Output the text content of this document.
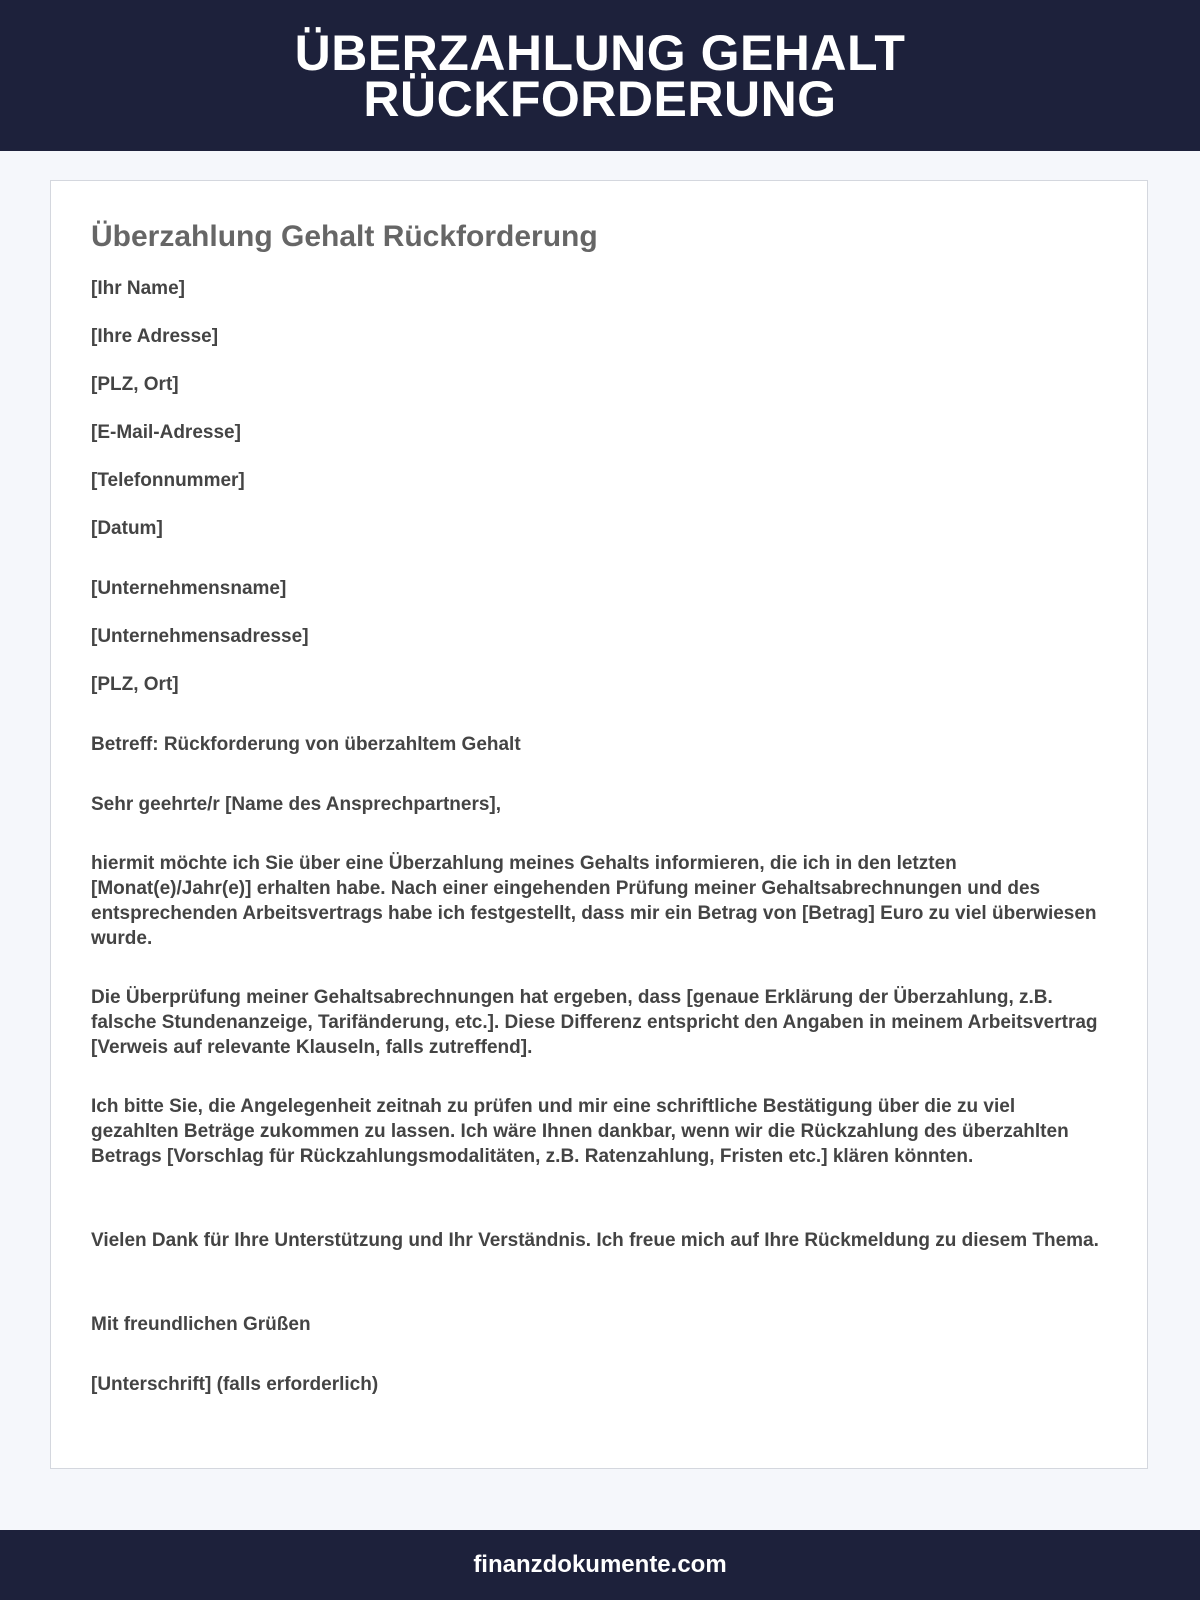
ÜBERZAHLUNG GEHALT
RÜCKFORDERUNG
Überzahlung Gehalt Rückforderung

[Ihr Name]

[Ihre Adresse]

[PLZ, Ort]

[E-Mail-Adresse]

[Telefonnummer]

[Datum]

[Unternehmensname]

[Unternehmensadresse]

[PLZ, Ort]

Betreff: Rückforderung von überzahltem Gehalt

Sehr geehrte/r [Name des Ansprechpartners],

hiermit möchte ich Sie über eine Überzahlung meines Gehalts informieren, die ich in den letzten [Monat(e)/Jahr(e)] erhalten habe. Nach einer eingehenden Prüfung meiner Gehaltsabrechnungen und des entsprechenden Arbeitsvertrags habe ich festgestellt, dass mir ein Betrag von [Betrag] Euro zu viel überwiesen wurde.

Die Überprüfung meiner Gehaltsabrechnungen hat ergeben, dass [genaue Erklärung der Überzahlung, z.B. falsche Stundenanzeige, Tarifänderung, etc.]. Diese Differenz entspricht den Angaben in meinem Arbeitsvertrag [Verweis auf relevante Klauseln, falls zutreffend].

Ich bitte Sie, die Angelegenheit zeitnah zu prüfen und mir eine schriftliche Bestätigung über die zu viel gezahlten Beträge zukommen zu lassen. Ich wäre Ihnen dankbar, wenn wir die Rückzahlung des überzahlten Betrags [Vorschlag für Rückzahlungsmodalitäten, z.B. Ratenzahlung, Fristen etc.] klären könnten.

Vielen Dank für Ihre Unterstützung und Ihr Verständnis. Ich freue mich auf Ihre Rückmeldung zu diesem Thema.

Mit freundlichen Grüßen

[Unterschrift] (falls erforderlich)

finanzdokumente.com
